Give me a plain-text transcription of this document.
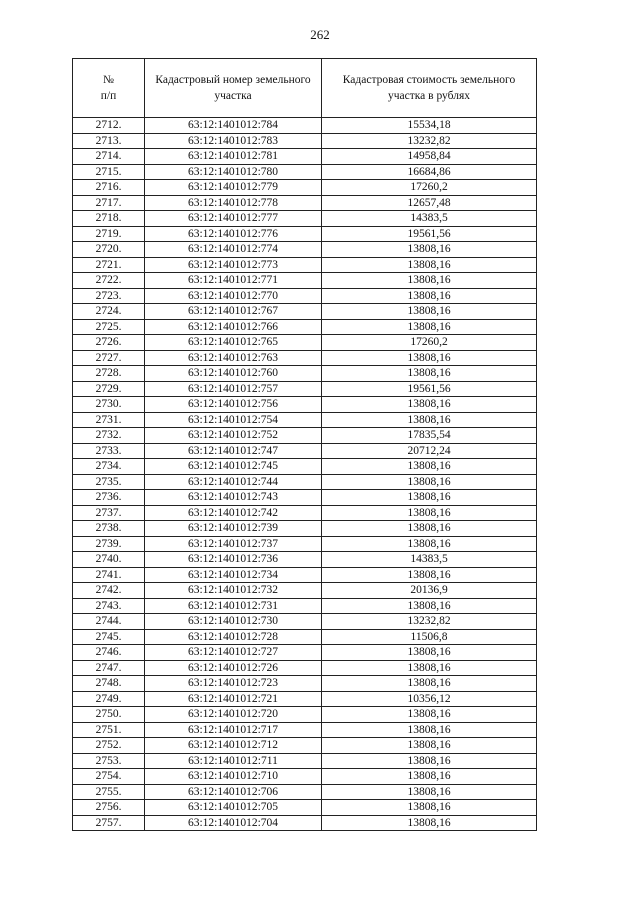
262
№
п/п	Кадастровый номер земельного участка	Кадастровая стоимость земельного участка в рублях
2712.	63:12:1401012:784	15534,18
2713.	63:12:1401012:783	13232,82
2714.	63:12:1401012:781	14958,84
2715.	63:12:1401012:780	16684,86
2716.	63:12:1401012:779	17260,2
2717.	63:12:1401012:778	12657,48
2718.	63:12:1401012:777	14383,5
2719.	63:12:1401012:776	19561,56
2720.	63:12:1401012:774	13808,16
2721.	63:12:1401012:773	13808,16
2722.	63:12:1401012:771	13808,16
2723.	63:12:1401012:770	13808,16
2724.	63:12:1401012:767	13808,16
2725.	63:12:1401012:766	13808,16
2726.	63:12:1401012:765	17260,2
2727.	63:12:1401012:763	13808,16
2728.	63:12:1401012:760	13808,16
2729.	63:12:1401012:757	19561,56
2730.	63:12:1401012:756	13808,16
2731.	63:12:1401012:754	13808,16
2732.	63:12:1401012:752	17835,54
2733.	63:12:1401012:747	20712,24
2734.	63:12:1401012:745	13808,16
2735.	63:12:1401012:744	13808,16
2736.	63:12:1401012:743	13808,16
2737.	63:12:1401012:742	13808,16
2738.	63:12:1401012:739	13808,16
2739.	63:12:1401012:737	13808,16
2740.	63:12:1401012:736	14383,5
2741.	63:12:1401012:734	13808,16
2742.	63:12:1401012:732	20136,9
2743.	63:12:1401012:731	13808,16
2744.	63:12:1401012:730	13232,82
2745.	63:12:1401012:728	11506,8
2746.	63:12:1401012:727	13808,16
2747.	63:12:1401012:726	13808,16
2748.	63:12:1401012:723	13808,16
2749.	63:12:1401012:721	10356,12
2750.	63:12:1401012:720	13808,16
2751.	63:12:1401012:717	13808,16
2752.	63:12:1401012:712	13808,16
2753.	63:12:1401012:711	13808,16
2754.	63:12:1401012:710	13808,16
2755.	63:12:1401012:706	13808,16
2756.	63:12:1401012:705	13808,16
2757.	63:12:1401012:704	13808,16
